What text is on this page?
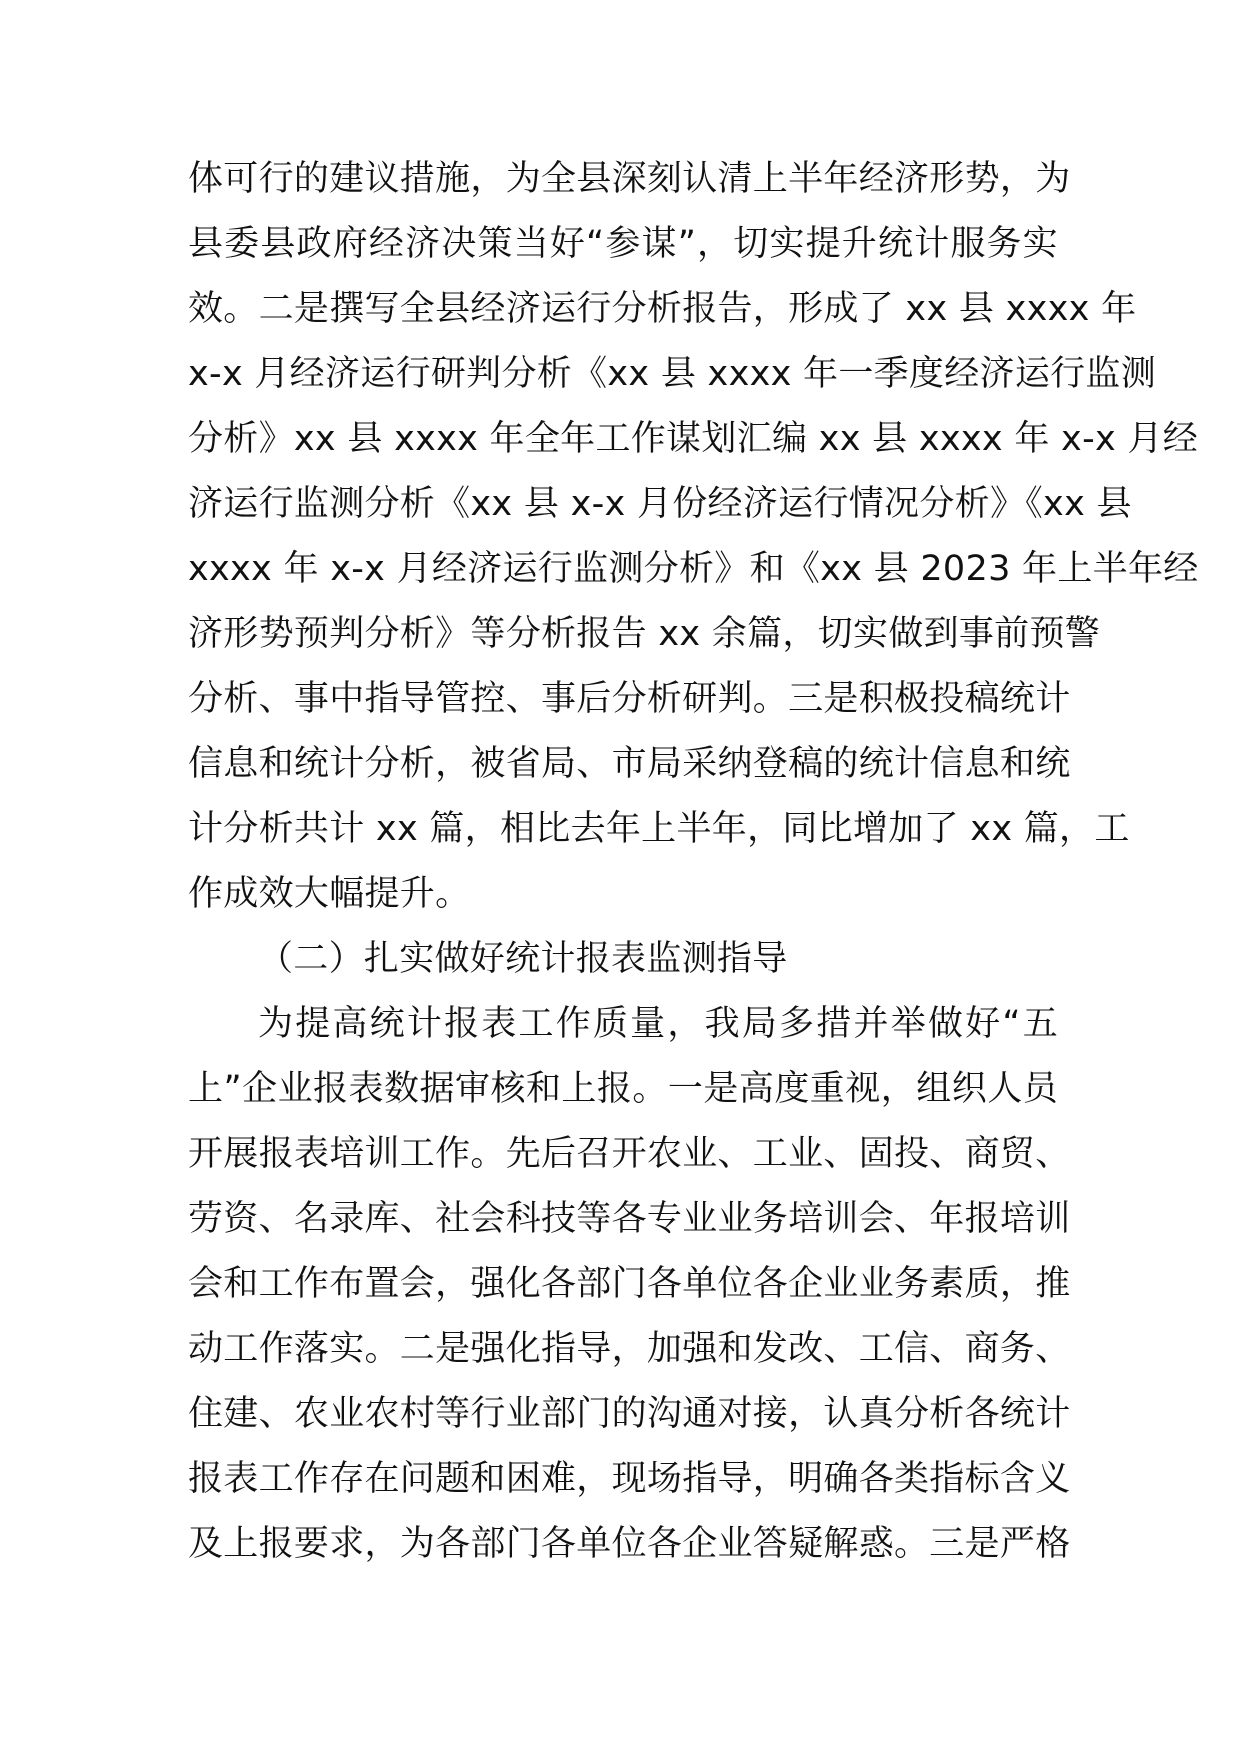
体可行的建议措施，为全县深刻认清上半年经济形势，为
县委县政府经济决策当好“参谋”，切实提升统计服务实
效。二是撰写全县经济运行分析报告，形成了 xx 县 xxxx 年
x-x 月经济运行研判分析《xx 县 xxxx 年一季度经济运行监测
分析》xx 县 xxxx 年全年工作谋划汇编 xx 县 xxxx 年 x-x 月经
济运行监测分析《xx 县 x-x 月份经济运行情况分析》《xx 县
xxxx 年 x-x 月经济运行监测分析》和《xx 县 2023 年上半年经
济形势预判分析》等分析报告 xx 余篇，切实做到事前预警
分析、事中指导管控、事后分析研判。三是积极投稿统计
信息和统计分析，被省局、市局采纳登稿的统计信息和统
计分析共计 xx 篇，相比去年上半年，同比增加了 xx 篇，工
作成效大幅提升。
（二）扎实做好统计报表监测指导
为提高统计报表工作质量，我局多措并举做好“五
上”企业报表数据审核和上报。一是高度重视，组织人员
开展报表培训工作。先后召开农业、工业、固投、商贸、
劳资、名录库、社会科技等各专业业务培训会、年报培训
会和工作布置会，强化各部门各单位各企业业务素质，推
动工作落实。二是强化指导，加强和发改、工信、商务、
住建、农业农村等行业部门的沟通对接，认真分析各统计
报表工作存在问题和困难，现场指导，明确各类指标含义
及上报要求，为各部门各单位各企业答疑解惑。三是严格
